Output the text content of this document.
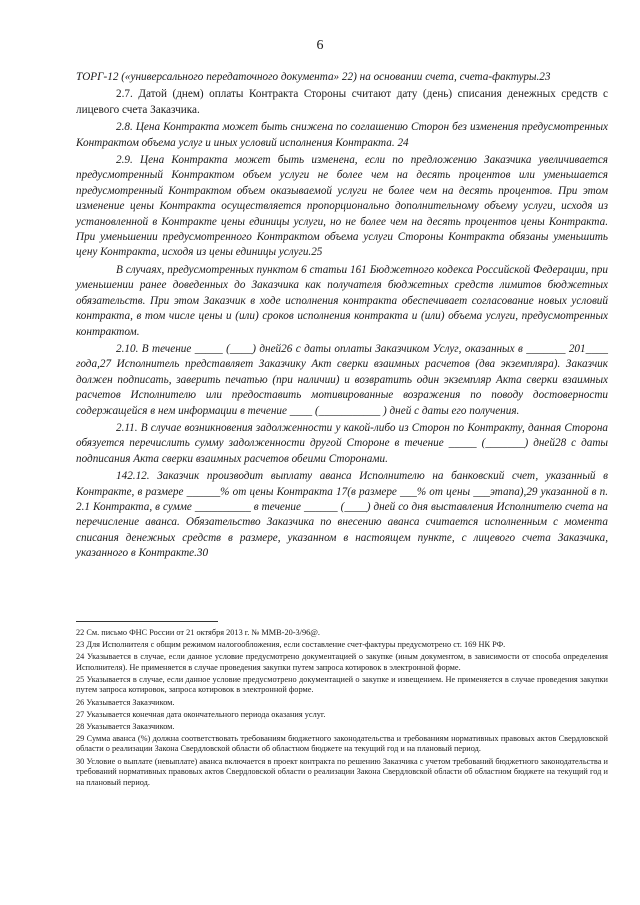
6

ТОРГ-12 («универсального передаточного документа» 22) на основании счета, счета-фактуры.23

2.7. Датой (днем) оплаты Контракта Стороны считают дату (день) списания денежных средств с лицевого счета Заказчика.

2.8. Цена Контракта может быть снижена по соглашению Сторон без изменения предусмотренных Контрактом объема услуг и иных условий исполнения Контракта. 24

2.9. Цена Контракта может быть изменена, если по предложению Заказчика увеличивается предусмотренный Контрактом объем услуги не более чем на десять процентов или уменьшается предусмотренный Контрактом объем оказываемой услуги не более чем на десять процентов. При этом изменение цены Контракта осуществляется пропорционально дополнительному объему услуги, исходя из установленной в Контракте цены единицы услуги, но не более чем на десять процентов цены Контракта. При уменьшении предусмотренного Контрактом объема услуги Стороны Контракта обязаны уменьшить цену Контракта, исходя из цены единицы услуги.25

В случаях, предусмотренных пунктом 6 статьи 161 Бюджетного кодекса Российской Федерации, при уменьшении ранее доведенных до Заказчика как получателя бюджетных средств лимитов бюджетных обязательств. При этом Заказчик в ходе исполнения контракта обеспечивает согласование новых условий контракта, в том числе цены и (или) сроков исполнения контракта и (или) объема услуги, предусмотренных контрактом.

2.10. В течение _____ (____) дней26 с даты оплаты Заказчиком Услуг, оказанных в _______ 201____ года,27 Исполнитель представляет Заказчику Акт сверки взаимных расчетов (два экземпляра). Заказчик должен подписать, заверить печатью (при наличии) и возвратить один экземпляр Акта сверки взаимных расчетов Исполнителю или предоставить мотивированные возражения по поводу достоверности содержащейся в нем информации в течение ____ (___________ ) дней с даты его получения.

2.11. В случае возникновения задолженности у какой-либо из Сторон по Контракту, данная Сторона обязуется перечислить сумму задолженности другой Стороне в течение _____ (_______) дней28 с даты подписания Акта сверки взаимных расчетов обеими Сторонами.

142.12. Заказчик производит выплату аванса Исполнителю на банковский счет, указанный в Контракте, в размере ______% от цены Контракта 17(в размере ___% от цены ___этапа),29 указанной в п. 2.1 Контракта, в сумме __________ в течение ______ (____) дней со дня выставления Исполнителю счета на перечисление аванса. Обязательство Заказчика по внесению аванса считается исполненным с момента списания денежных средств в размере, указанном в настоящем пункте, с лицевого счета Заказчика, указанного в Контракте.30

22 См. письмо ФНС России от 21 октября 2013 г. № ММВ-20-3/96@.

23 Для Исполнителя с общим режимом налогообложения, если составление счет-фактуры предусмотрено ст. 169 НК РФ.

24 Указывается в случае, если данное условие предусмотрено документацией о закупке (иным документом, в зависимости от способа определения Исполнителя). Не применяется в случае проведения закупки путем запроса котировок в электронной форме.

25 Указывается в случае, если данное условие предусмотрено документацией о закупке и извещением. Не применяется в случае проведения закупки путем запроса котировок, запроса котировок в электронной форме.

26 Указывается Заказчиком.

27 Указывается конечная дата окончательного периода оказания услуг.

28 Указывается Заказчиком.

29 Сумма аванса (%) должна соответствовать требованиям бюджетного законодательства и требованиям нормативных правовых актов Свердловской области о реализации Закона Свердловской области об областном бюджете на текущий год и на плановый период.

30 Условие о выплате (невыплате) аванса включается в проект контракта по решению Заказчика с учетом требований бюджетного законодательства и требований нормативных правовых актов Свердловской области о реализации Закона Свердловской области об областном бюджете на текущий год и на плановый период.
